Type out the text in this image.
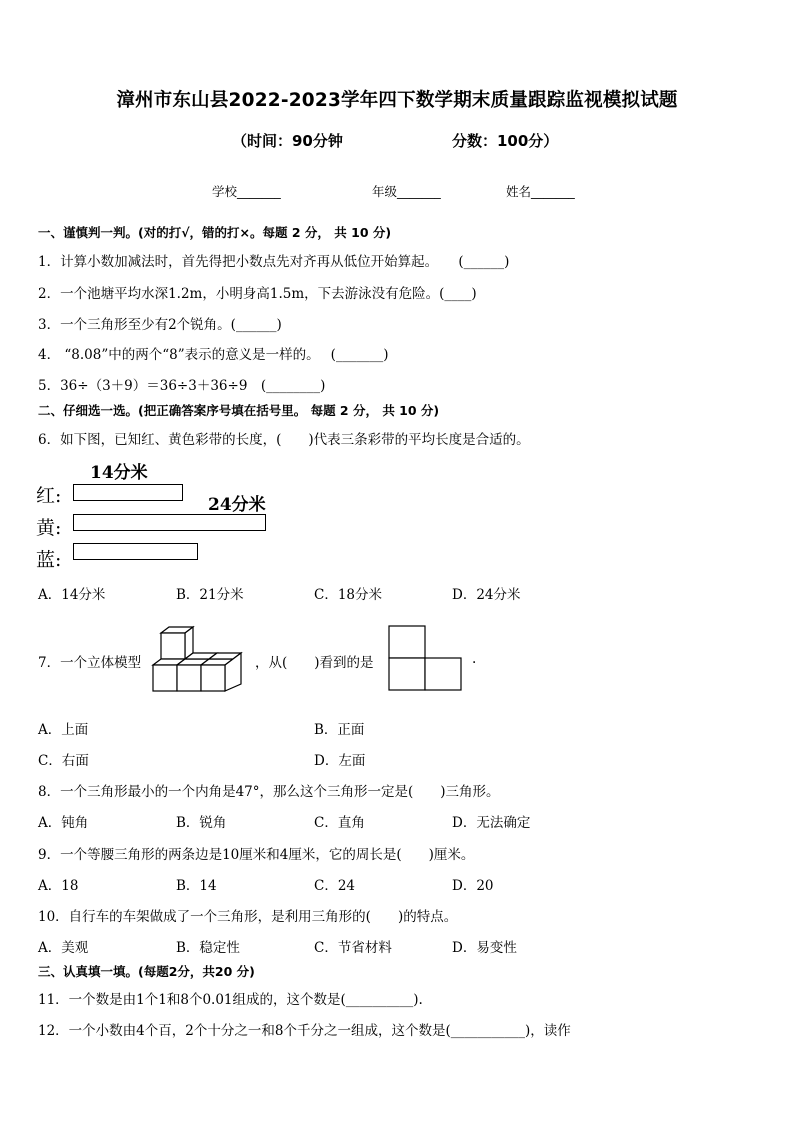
漳州市东山县2022-2023学年四下数学期末质量跟踪监视模拟试题
（时间：90分钟	分数：100分）
学校_______	年级_______	姓名_______
一、谨慎判一判。(对的打√，错的打×。每题 2 分， 共 10 分)
1．计算小数加减法时，首先得把小数点先对齐再从低位开始算起。　　(______)
2．一个池塘平均水深1.2m，小明身高1.5m，下去游泳没有危险。(____)
3．一个三角形至少有2个锐角。(______)
4． “8.08”中的两个“8”表示的意义是一样的。　 (_______)
5．36÷（3＋9）＝36÷3＋36÷9　(________)
二、仔细选一选。(把正确答案序号填在括号里。 每题 2 分， 共 10 分)
6．如下图，已知红、黄色彩带的长度，(　　)代表三条彩带的平均长度是合适的。
14分米
红:	24分米
黄:
蓝:
A．14分米	B．21分米	C．18分米	D．24分米
7．一个立体模型	，从(　　)看到的是	.
A．上面	B．正面
C．右面	D．左面
8．一个三角形最小的一个内角是47°，那么这个三角形一定是(　　)三角形。
A．钝角	B．锐角	C．直角	D．无法确定
9．一个等腰三角形的两条边是10厘米和4厘米，它的周长是(　　)厘米。
A．18	B．14	C．24	D．20
10．自行车的车架做成了一个三角形，是利用三角形的(　　)的特点。
A．美观	B．稳定性	C．节省材料	D．易变性
三、认真填一填。(每题2分，共20 分)
11．一个数是由1个1和8个0.01组成的，这个数是(__________).
12．一个小数由4个百，2个十分之一和8个千分之一组成，这个数是(___________)，读作
